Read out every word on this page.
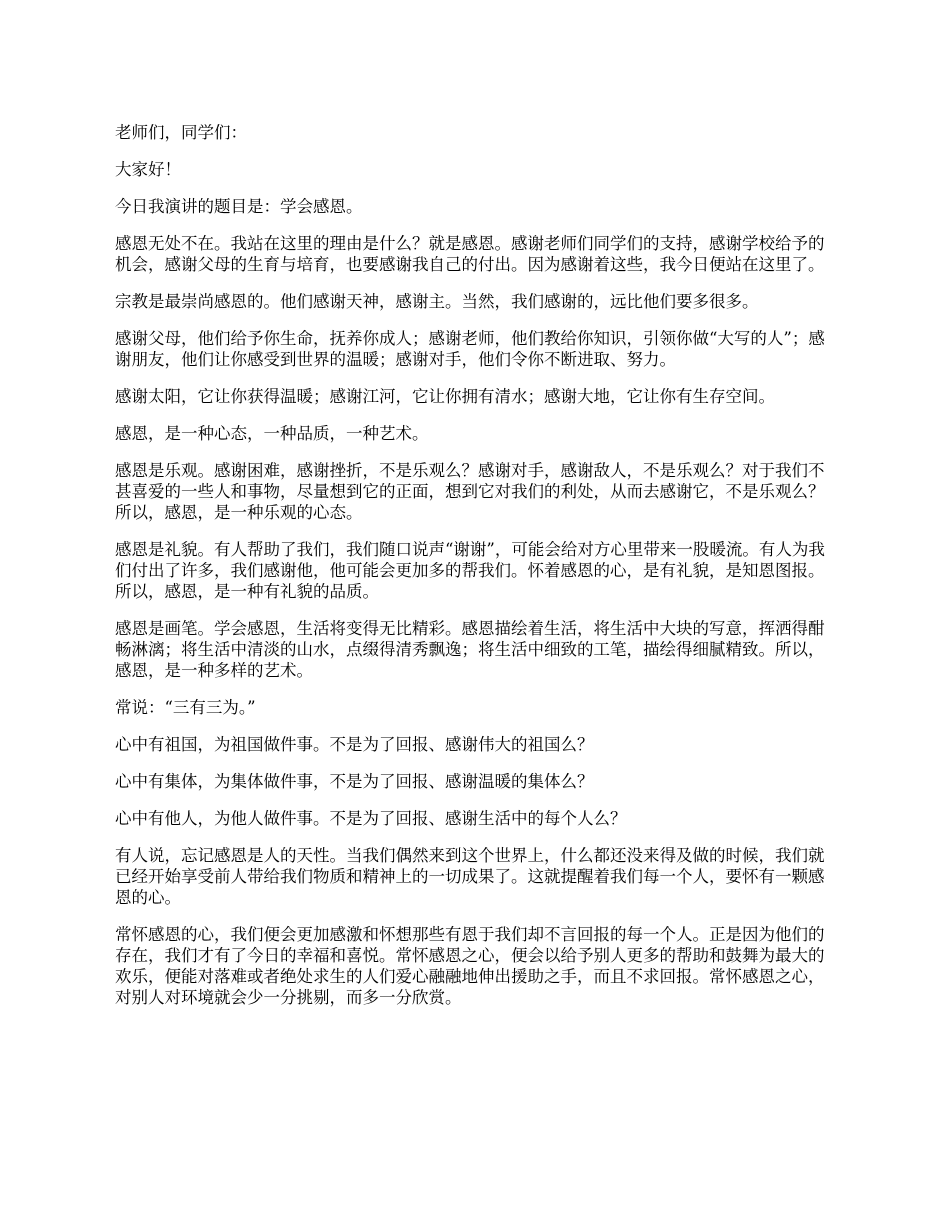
老师们，同学们：

大家好！

今日我演讲的题目是：学会感恩。

感恩无处不在。我站在这里的理由是什么？就是感恩。感谢老师们同学们的支持，感谢学校给予的机会，感谢父母的生育与培育，也要感谢我自己的付出。因为感谢着这些，我今日便站在这里了。

宗教是最崇尚感恩的。他们感谢天神，感谢主。当然，我们感谢的，远比他们要多很多。

感谢父母，他们给予你生命，抚养你成人；感谢老师，他们教给你知识，引领你做“大写的人”；感谢朋友，他们让你感受到世界的温暖；感谢对手，他们令你不断进取、努力。

感谢太阳，它让你获得温暖；感谢江河，它让你拥有清水；感谢大地，它让你有生存空间。

感恩，是一种心态，一种品质，一种艺术。

感恩是乐观。感谢困难，感谢挫折，不是乐观么？感谢对手，感谢敌人，不是乐观么？对于我们不甚喜爱的一些人和事物，尽量想到它的正面，想到它对我们的利处，从而去感谢它，不是乐观么？所以，感恩，是一种乐观的心态。

感恩是礼貌。有人帮助了我们，我们随口说声“谢谢”，可能会给对方心里带来一股暖流。有人为我们付出了许多，我们感谢他，他可能会更加多的帮我们。怀着感恩的心，是有礼貌，是知恩图报。所以，感恩，是一种有礼貌的品质。

感恩是画笔。学会感恩，生活将变得无比精彩。感恩描绘着生活，将生活中大块的写意，挥洒得酣畅淋漓；将生活中清淡的山水，点缀得清秀飘逸；将生活中细致的工笔，描绘得细腻精致。所以，感恩，是一种多样的艺术。

常说：“三有三为。”

心中有祖国，为祖国做件事。不是为了回报、感谢伟大的祖国么？

心中有集体，为集体做件事，不是为了回报、感谢温暖的集体么？

心中有他人，为他人做件事。不是为了回报、感谢生活中的每个人么？

有人说，忘记感恩是人的天性。当我们偶然来到这个世界上，什么都还没来得及做的时候，我们就已经开始享受前人带给我们物质和精神上的一切成果了。这就提醒着我们每一个人，要怀有一颗感恩的心。

常怀感恩的心，我们便会更加感激和怀想那些有恩于我们却不言回报的每一个人。正是因为他们的存在，我们才有了今日的幸福和喜悦。常怀感恩之心，便会以给予别人更多的帮助和鼓舞为最大的欢乐，便能对落难或者绝处求生的人们爱心融融地伸出援助之手，而且不求回报。常怀感恩之心，对别人对环境就会少一分挑剔，而多一分欣赏。
